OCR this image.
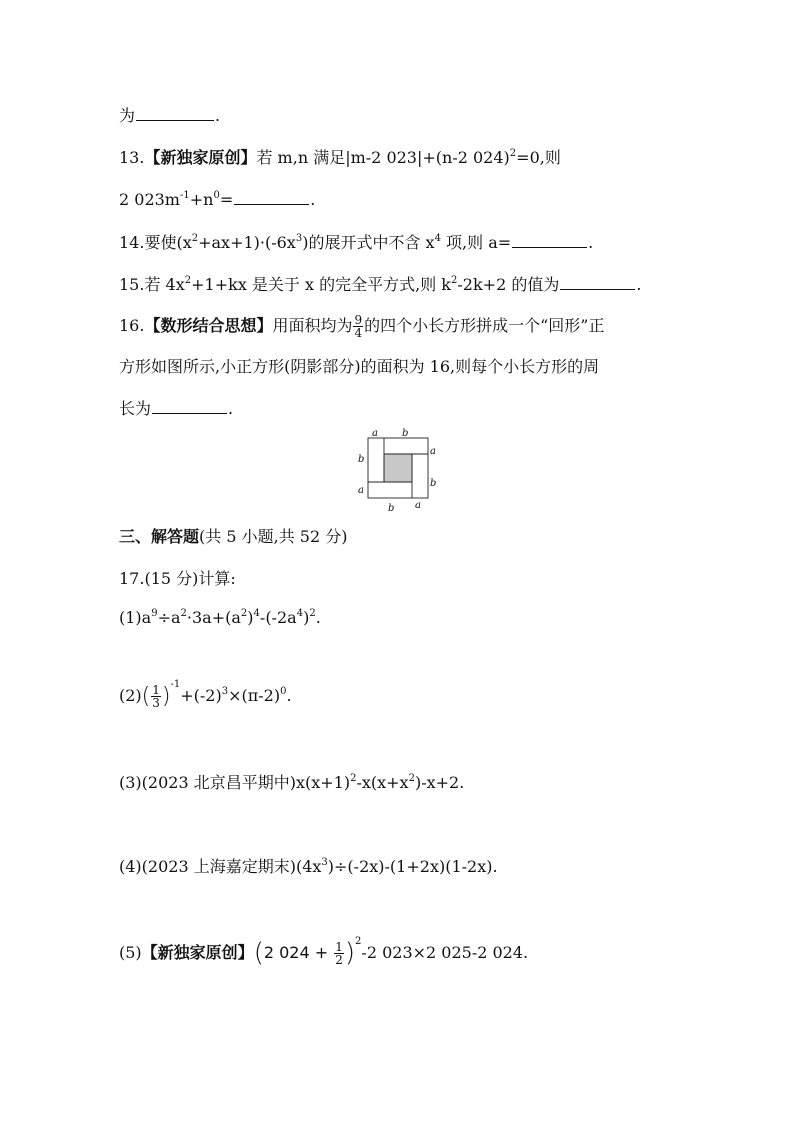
为	.
13.【新独家原创】若 m,n 满足|m-2 023|+(n-2 024)$^2$=0,则
2 $023m^{-1}+n^0=$	.
14.要使$(x^2+ax+1)\cdot(-6x^3)$的展开式中不含 $x^4$ 项,则 a=	.
15.若 $4x^2+1+kx$ 是关于 x 的完全平方式,则 $k^2-2k+2$ 的值为	.
16.【数形结合思想】用面积均为 $\frac{9}{4}$ 的四个小长方形拼成一个“回形”正
方形如图所示,小正方形(阴影部分)的面积为 16,则每个小长方形的周
长为	.
a b
b
a
a
b
b a
三、解答题(共 5 小题,共 52 分)
17.(15 分)计算:
$(1)a^9\div a^2\cdot 3a+(a^2)^4-(-2a^4)^2$.
$(2)( \frac{1}{3} )^{-1}+(-2)^3\times(\pi-2)^0$.
(3)(2023 北京昌平期中)$x(x+1)^2-x(x+x^2)-x+2$.
(4)(2023 上海嘉定期末)$(4x^3)\div(-2x)-(1+2x)(1-2x)$.
(5)【新独家原创】(2 $024 + \frac{1}{2} )^2-2$ 023×2 025-2 024.
